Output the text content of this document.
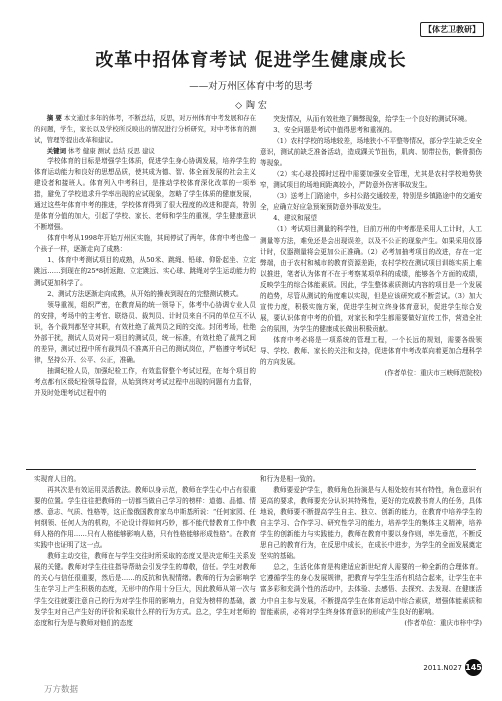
【体艺卫教研】
改革中招体育考试 促进学生健康成长
——对万州区体育中考的思考
◇ 陶 宏

摘 要 本文通过多年的体考，不断总结，反思，对万州体育中考发展和存在的问题，学生，家长以及学校所反映出的情况进行分析研究，对中考体育的测试，管理等提出改革和建议。

关键词 体考 健康 测试 总结 反思 建议

学校体育的目标是增强学生体质，促进学生身心协调发展，培养学生的体育运动能力和良好的思想品质，使其成为德、智、体全面发展的社会主义建设者和接班人。体育列入中考科目，是推动学校体育深化改革的一项举措，避免了学校追求升学率出现的应试现象，忽略了学生体质的健康发展，通过这些年体育中考的推进，学校体育得到了很大程度的改进和提高，特别是体育分值的加大，引起了学校、家长、老师和学生的重视，学生健康意识不断增强。

体育中考从1998年开始万州区实施，其间停试了两年，体育中考也像一个孩子一样，逐渐走向了成熟：

1、体育中考测试项目的成熟，从50米、跳绳、铅球、仰卧起坐、立定跳远……到现在的25*8折返跑、立定跳远、实心球、跳绳对学生运动能力的测试更加科学了。

2、测试方法逐渐走向成熟，从开始的操表到现在的完整测试模式。

领导重视，组织严密，在教育局的统一领导下，体考中心协调专业人员的安排，考场中的主考官、联络员、裁判员、计时员来自不同的单位互不认识，各个裁判都坚守其职，有效杜绝了裁判员之间的交流。封闭考场，杜绝外部干扰，测试人员对同一项目的测试员，统一标准，有效杜绝了裁判之间的差异，测试过程中所有裁判员不准离开自己的测试岗位，严格遵守考试纪律，坚持公开、公平、公正，准确。

抽调纪检人员，加强纪检工作，有效监督整个考试过程，在每个项目的考点都有区级纪检领导监督，从始到终对考试过程中出现的问题有力监督，并及时处理考试过程中的

突发情况，从而有效杜绝了舞弊现象，给学生一个良好的测试环境。

3、安全问题是考试中值得思考和重视的。

（1）农村学校的场地较差，场地狭小不平整等情况，部分学生缺乏安全意识，测试前缺乏准备活动，造成踝关节扭伤，肌肉、韧带拉伤，髌骨损伤等现象。

（2）实心球投掷时过程中需要加强安全管理，尤其是农村学校地势狭窄，测试项目的场地间距离较小，严防意外伤害事故发生。

（3）送考上门路途中，乡村公路交通较差，特别是乡镇路途中的交通安全，应确立好应急预案预防意外事故发生。

4、建议和展望

（1）考试项目测量的科学性，目前万州的中考都是采用人工计时，人工测量等方法，难免还是会出现误差，以及不公正的现象产生。如果采用仪器计时，仪器测量将会更加公正准确。（2）必考加抽考项目的改进，存在一定弊端，由于农村和城市的教育资源差距，农村学校在测试项目训练实质上难以推进，笔者认为体育不在于考察某项单科的成绩，能够各个方面的成绩，反映学生的综合体能素质。因此，学生整体素质测试内容的项目是一个发展的趋势，尽管从测试的角度难以实现，但是应该研究或不断尝试。（3）加大宣传力度，积极实施方案，促进学生树立终身体育意识，促进学生综合发展，要认识体育中考的价值，对家长和学生都需要做好宣传工作，营造全社会的氛围，为学生的健康成长做出积极贡献。

体育中考必将是一项系统的管理工程，一个长远的规划，需要各级领导、学校、教师、家长的关注和支持，促进体育中考改革向着更加合理科学的方向发展。

(作者单位：重庆市三峡师范院校)

实现育人目的。

再其次是有效运用灵活教法。教师以身示范，教师在学生心中占有很重要的位置。学生往往把教师的一切都当做自己学习的榜样：道德、品德、情感、意志、气质、性格等，这正像俄国教育家乌申斯基所说：“任何家园、任何纲领、任何人为的机构，不论设计得如何巧妙，都不能代替教育工作中教师人格的作用……只有人格能够影响人格，只有性格能够形成性格”。在教育实践中也证明了这一点。

教师主动交往，教师在与学生交往时所采取的态度又是决定师生关系发展的关键。教师对学生往往指导帮助会引发学生的尊敬，信任。学生对教师的关心与信任很重要，然后是……的反抗和仇视情绪。教师的行为会影响学生在学习上产生积极的态度，无形中的作用十分巨大，因此教师从第一次与学生交往就要注意自己的行为对学生作用的影响力，自觉为榜样的基础，激发学生对自己产生好的评价和采取什么样的行为方式。总之，学生对老师的态度和行为是与教师对他们的态度

和行为是相一致的。

教师要爱护学生，教师角色扮演是与人相处较有其有特性，角色意识有更高的要求，教师要充分认识其特殊性，更好的完成教书育人的任务，具体地说，教师要不断提高学生自主、独立、创新的能力，在教育中培养学生的自主学习、合作学习、研究性学习的能力，培养学生的集体主义精神，培养学生的创新能力与实践能力，教师在教育中要以身作则，率先垂范，不断反思自己的教育行为，在反思中成长，在成长中进步，为学生的全面发展奠定坚实的基础。

总之，生活化体育是构建适应新世纪育人需要的一种全新的合理体育。它遵循学生的身心发展规律，把教育与学生生活有机结合起来，让学生在丰富多彩和充满个性的活动中，去体验、去感悟、去探究、去发现、在健康活力中自主参与发展，不断提高学生在体育运动中综合素质，增强体能素质和智能素质，必将对学生终身体育意识的形成产生良好的影响。

(作者单位：重庆市梓中学)

2011.N027 145
万方数据
